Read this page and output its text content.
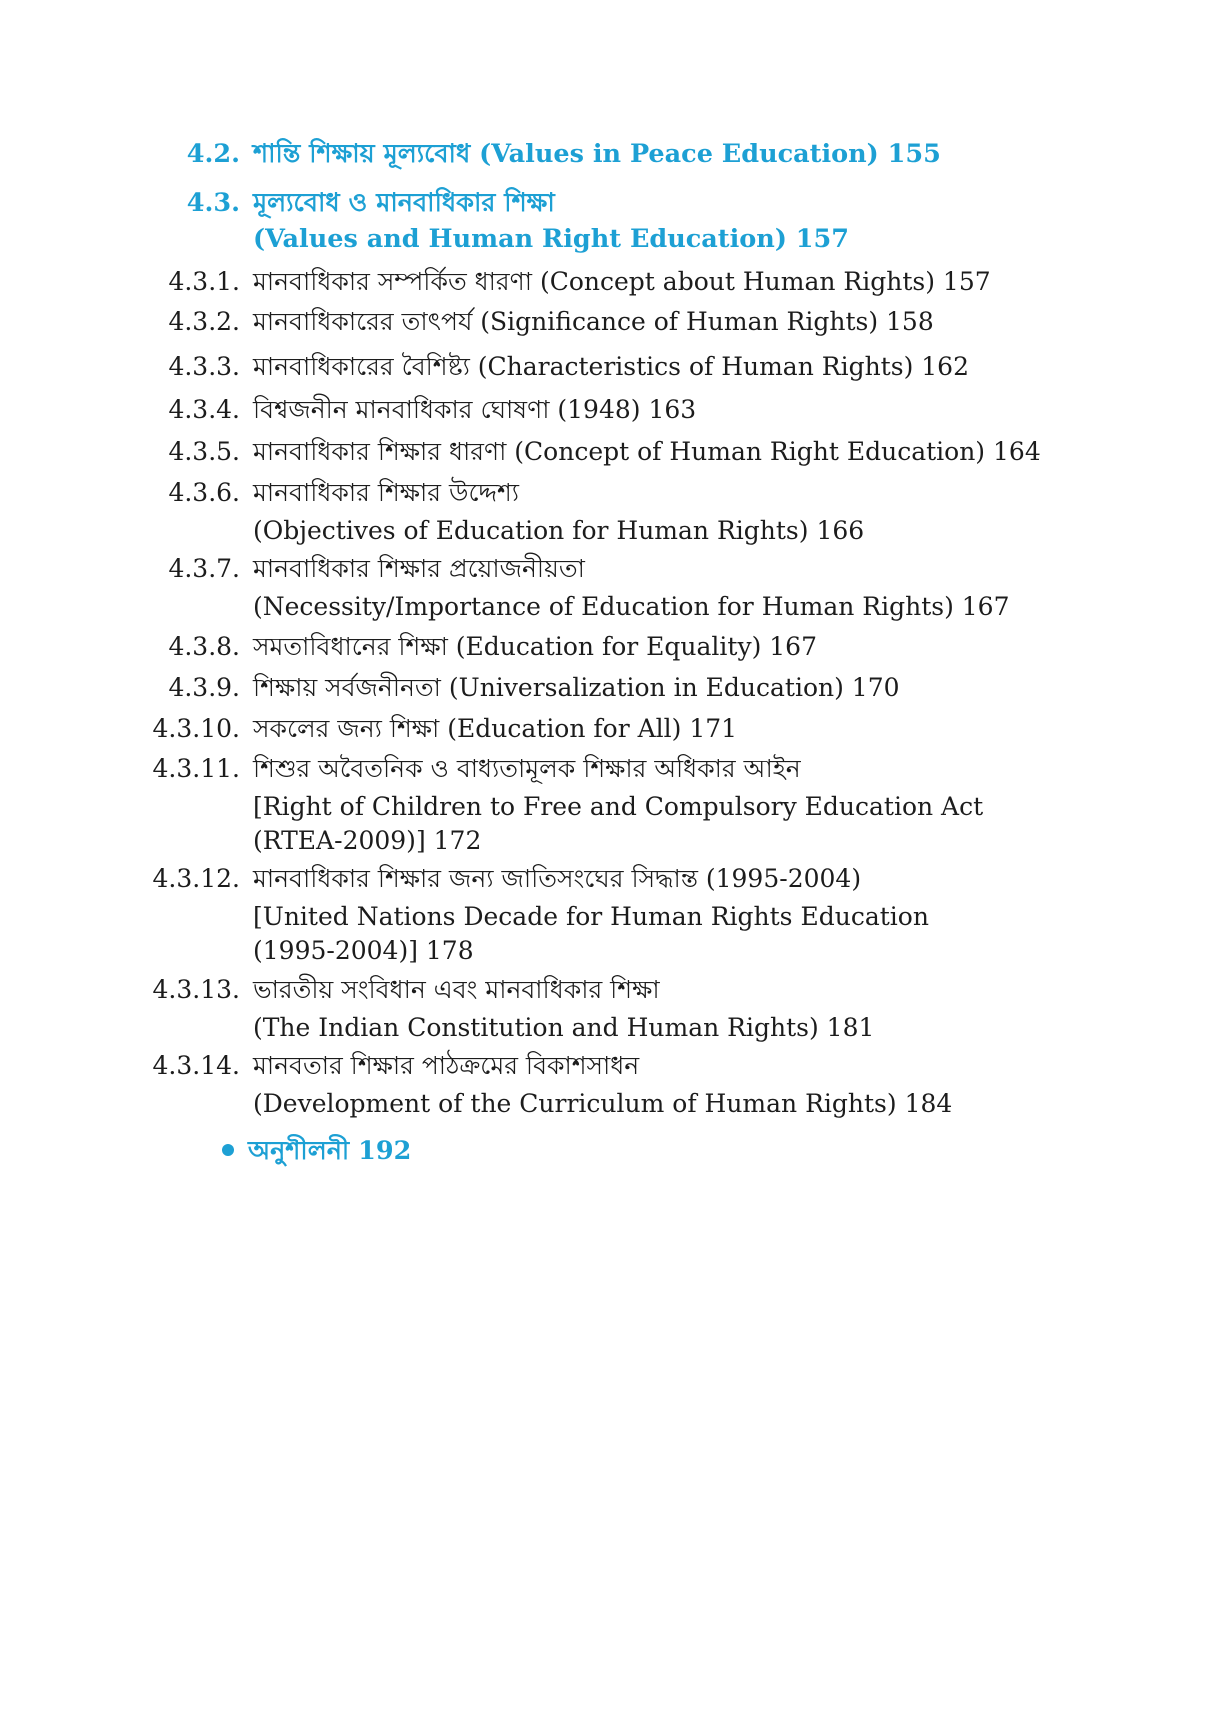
4.2. শান্তি শিক্ষায় মূল্যবোধ (Values in Peace Education) 155
4.3. মূল্যবোধ ও মানবাধিকার শিক্ষা
(Values and Human Right Education) 157
4.3.1. মানবাধিকার সম্পর্কিত ধারণা (Concept about Human Rights) 157
4.3.2. মানবাধিকারের তাৎপর্য (Significance of Human Rights) 158
4.3.3. মানবাধিকারের বৈশিষ্ট্য (Characteristics of Human Rights) 162
4.3.4. বিশ্বজনীন মানবাধিকার ঘোষণা (1948) 163
4.3.5. মানবাধিকার শিক্ষার ধারণা (Concept of Human Right Education) 164
4.3.6. মানবাধিকার শিক্ষার উদ্দেশ্য
(Objectives of Education for Human Rights) 166
4.3.7. মানবাধিকার শিক্ষার প্রয়োজনীয়তা
(Necessity/Importance of Education for Human Rights) 167
4.3.8. সমতাবিধানের শিক্ষা (Education for Equality) 167
4.3.9. শিক্ষায় সর্বজনীনতা (Universalization in Education) 170
4.3.10. সকলের জন্য শিক্ষা (Education for All) 171
4.3.11. শিশুর অবৈতনিক ও বাধ্যতামূলক শিক্ষার অধিকার আইন
[Right of Children to Free and Compulsory Education Act
(RTEA-2009)] 172
4.3.12. মানবাধিকার শিক্ষার জন্য জাতিসংঘের সিদ্ধান্ত (1995-2004)
[United Nations Decade for Human Rights Education
(1995-2004)] 178
4.3.13. ভারতীয় সংবিধান এবং মানবাধিকার শিক্ষা
(The Indian Constitution and Human Rights) 181
4.3.14. মানবতার শিক্ষার পাঠক্রমের বিকাশসাধন
(Development of the Curriculum of Human Rights) 184
অনুশীলনী 192
